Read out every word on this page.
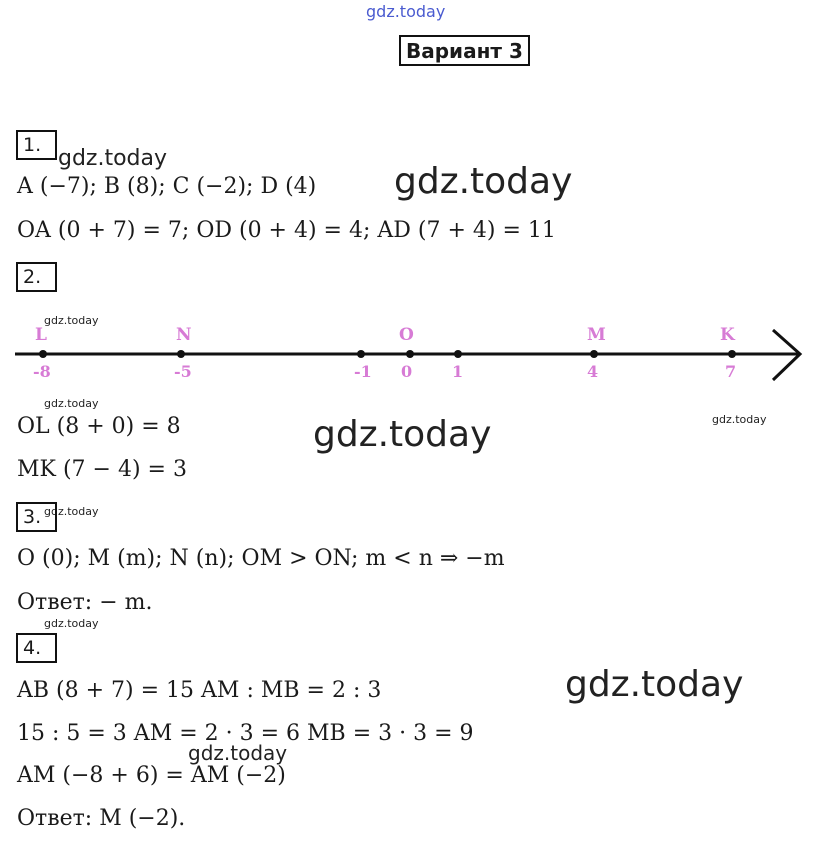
gdz.today
gdz.today
gdz.today
gdz.today
gdz.today
gdz.today
gdz.today
gdz.today
gdz.today
gdz.today
gdz.today
Вариант 3
1.
A (−7); B (8); C (−2); D (4)
OA (0 + 7) = 7; OD (0 + 4) = 4; AD (7 + 4) = 11
2.
L	N	O	M	K
-8	-5	-1 0 1	4	7
OL (8 + 0) = 8
MK (7 − 4) = 3
3.
O (0); M (m); N (n); OM > ON; m < n ⇒ −m
Ответ: − m.
4.
AB (8 + 7) = 15 AM : MB = 2 : 3
15 : 5 = 3 AM = 2 · 3 = 6 MB = 3 · 3 = 9
AM (−8 + 6) = AM (−2)
Ответ: M (−2).
